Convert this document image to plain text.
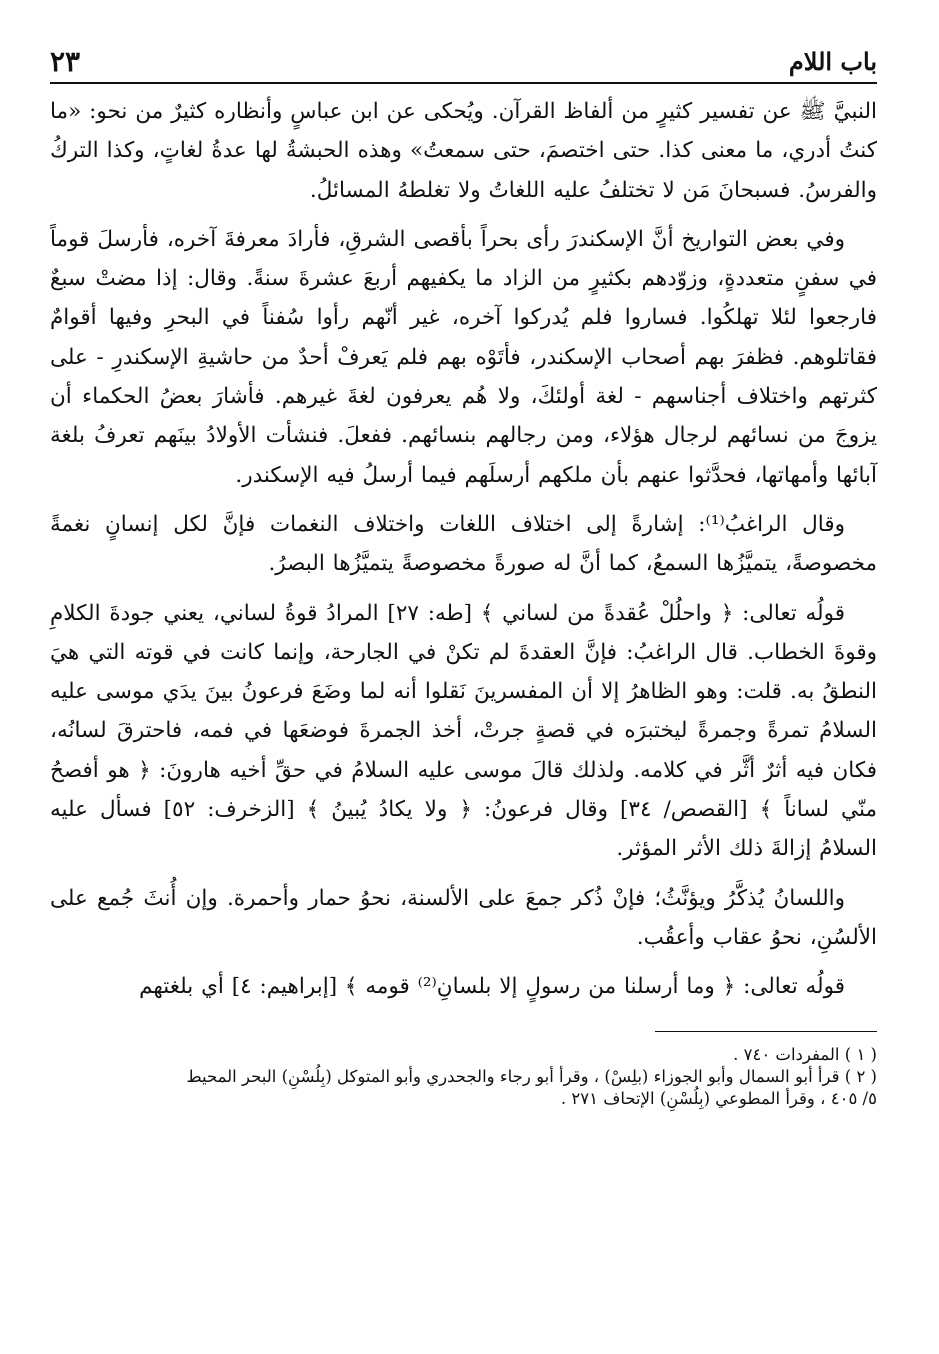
باب اللام
٢٣

النبيَّ ﷺ عن تفسير كثيرٍ من ألفاظ القرآن. ويُحكى عن ابن عباسٍ وأنظاره كثيرٌ من نحو: «ما كنتُ أدري، ما معنى كذا. حتى اختصمَ، حتى سمعتُ» وهذه الحبشةُ لها عدةُ لغاتٍ، وكذا التركُ والفرسُ. فسبحانَ مَن لا تختلفُ عليه اللغاتُ ولا تغلطهُ المسائلُ.

وفي بعض التواريخ أنَّ الإسكندرَ رأى بحراً بأقصى الشرقِ، فأرادَ معرفةَ آخره، فأرسلَ قوماً في سفنٍ متعددةٍ، وزوّدهم بكثيرٍ من الزاد ما يكفيهم أربعَ عشرةَ سنةً. وقال: إذا مضتْ سبعٌ فارجعوا لئلا تهلكُوا. فساروا فلم يُدركوا آخره، غير أنّهم رأوا سُفناً في البحرِ وفيها أقوامٌ فقاتلوهم. فظفرَ بهم أصحاب الإسكندر، فأتَوْه بهم فلم يَعرفْ أحدٌ من حاشيةِ الإسكندرِ - على كثرتهم واختلاف أجناسهم - لغة أولئكَ، ولا هُم يعرفون لغةَ غيرهم. فأشارَ بعضُ الحكماء أن يزوجَ من نسائهم لرجال هؤلاء، ومن رجالهم بنسائهم. ففعلَ. فنشأت الأولادُ بينَهم تعرفُ بلغة آبائها وأمهاتها، فحدَّثوا عنهم بأن ملكهم أرسلَهم فيما أرسلُ فيه الإسكندر.

وقال الراغبُ⁽¹⁾: إشارةً إلى اختلاف اللغات واختلاف النغمات فإنَّ لكل إنسانٍ نغمةً مخصوصةً، يتميَّزُها السمعُ، كما أنَّ له صورةً مخصوصةً يتميَّزُها البصرُ.

قولُه تعالى: ﴿ واحلُلْ عُقدةً من لساني ﴾ [طه: ٢٧] المرادُ قوةُ لساني، يعني جودةَ الكلامِ وقوةَ الخطاب. قال الراغبُ: فإنَّ العقدةَ لم تكنْ في الجارحة، وإنما كانت في قوته التي هيَ النطقُ به. قلت: وهو الظاهرُ إلا أن المفسرينَ نَقلوا أنه لما وضَعَ فرعونُ بينَ يدَي موسى عليه السلامُ تمرةً وجمرةً ليختبرَه في قصةٍ جرتْ، أخذ الجمرةَ فوضعَها في فمه، فاحترقَ لسانُه، فكان فيه أثرٌ أثَّر في كلامه. ولذلك قالَ موسى عليه السلامُ في حقِّ أخيه هارونَ: ﴿ هو أفصحُ منّي لساناً ﴾ [القصص/ ٣٤] وقال فرعونُ: ﴿ ولا يكادُ يُبينُ ﴾ [الزخرف: ٥٢] فسأل عليه السلامُ إزالةَ ذلك الأثر المؤثر.

واللسانُ يُذكَّرُ ويؤنَّثُ؛ فإنْ ذُكر جمعَ على الألسنة، نحوُ حمار وأحمرة. وإن أُنثَ جُمع على الألسُنِ، نحوُ عقاب وأعقُب.

قولُه تعالى: ﴿ وما أرسلنا من رسولٍ إلا بلسانِ⁽²⁾ قومه ﴾ [إبراهيم: ٤] أي بلغتهم

( ١ ) المفردات ٧٤٠ .

( ٢ ) قرأ أبو السمال وأبو الجوزاء (بلِسْ) ، وقرأ أبو رجاء والجحدري وأبو المتوكل (بِلُسْنِ) البحر المحيط

٥/ ٤٠٥ ، وقرأ المطوعي (بِلُسْنِ) الإتحاف ٢٧١ .
